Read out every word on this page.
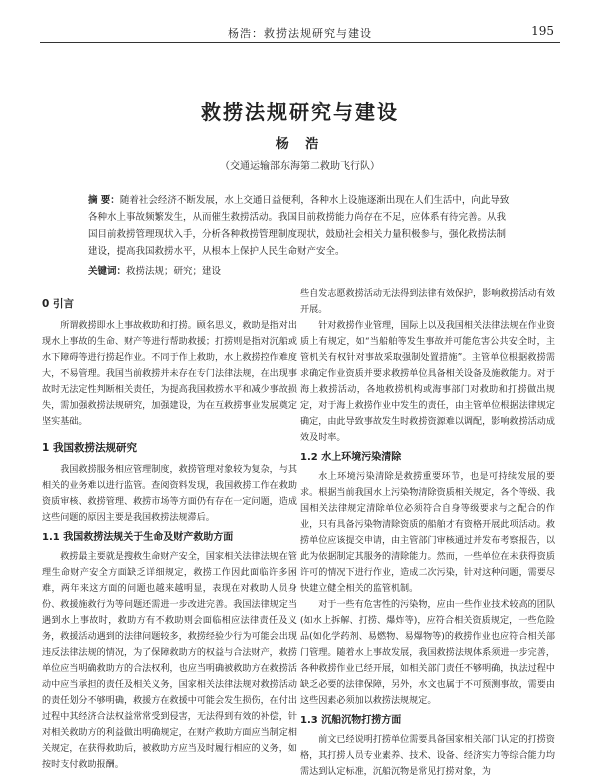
杨浩：救捞法规研究与建设	195
救捞法规研究与建设
杨 浩
（交通运输部东海第二救助飞行队）
摘 要：随着社会经济不断发展，水上交通日益便利，各种水上设施逐渐出现在人们生活中，向此导致各种水上事故频繁发生，从而催生救捞活动。我国目前救捞能力尚存在不足，应体系有待完善。从我国目前救捞管理现状入手，分析各种救捞管理制度现状，鼓励社会相关力量积极参与，强化救捞法制建设，提高我国救捞水平，从根本上保护人民生命财产安全。
关键词：救捞法规；研究；建设
0 引言

所谓救捞即水上事故救助和打捞。顾名思义，救助是指对出现水上事故的生命、财产等进行帮助救援；打捞则是指对沉船或水下障碍等进行捞起作业。不同于作上救助，水上救捞控作难度大，不易管理。我国当前救捞并未存在专门法律法规，在出现事故时无法定性判断相关责任，为提高我国救捞水平和减少事故损失，需加强救捞法规研究，加强建设，为在互救捞事业发展奠定坚实基础。

1 我国救捞法规研究

我国救捞服务相应管理制度，救捞管理对象较为复杂，与其相关的业务难以进行监管。查阅资料发现，我国救捞工作在救助资质审核、救捞管理、救捞市场等方面仍有存在一定问题，造成这些问题的原因主要是我国救捞法规滞后。

1.1 我国救捞法规关于生命及财产救助方面

救捞最主要就是搜救生命财产安全，国家相关法律法规在管理生命财产安全方面缺乏详细规定，救捞工作因此面临许多困难，两年来这方面的问题也越来越明显，表现在对救助人员身份、救援施救行为等问题还需进一步改进完善。我国法律规定当遇到水上事故时，救助方有不救助则会面临相应法律责任及义务，救援活动遇到的法律问题较多，救捞经验少行为可能会出现违反法律法规的情况，为了保障救助方的权益与合法财产，救捞单位应当明确救助方的合法权利，也应当明确被救助方在救捞活动中应当承担的责任及相关义务，国家相关法律法规对救捞活动的责任划分不够明确，救援方在救援中可能会发生损伤，在付出过程中其经济合法权益常常受到侵害，无法得到有效的补偿，针对相关救助方的利益做出明确规定，在财产救助方面应当制定相关规定，在获得救助后，被救助方应当及时履行相应的义务，如按时支付救助报酬。

些自发志愿救捞活动无法得到法律有效保护，影响救捞活动有效开展。

针对救捞作业管理，国际上以及我国相关法律法规在作业资质上有规定，如“当船舶等发生事故并可能危害公共安全时，主管机关有权针对事故采取强制处置措施”。主管单位根据救捞需求确定作业资质并要求救捞单位具备相关设备及施救能力。对于海上救捞活动，各地救捞机构或海事部门对救助和打捞做出规定，对于海上救捞作业中发生的责任，由主管单位根据法律规定确定，由此导致事故发生时救捞资源难以调配，影响救捞活动成效及时率。

1.2 水上环境污染清除

水上环境污染清除是救捞重要环节，也是可持续发展的要求。根据当前我国水上污染物清除资质相关规定，各个等级、我国相关法律规定清除单位必须符合自身等级要求与之配合的作业，只有具备污染物清除资质的船舶才有资格开展此项活动。救捞单位应该提交申请，由主管部门审核通过并发布考察报告，以此为依据制定其服务的清除能力。然而，一些单位在未获得资质许可的情况下进行作业，造成二次污染，针对这种问题，需要尽快建立健全相关的监管机制。

对于一些有危害性的污染物，应由一些作业技术较高的团队(如水上拆解、打捞、爆炸等)，应符合相关资质规定，一些危险品(如化学药剂、易燃物、易爆物等)的救捞作业也应符合相关部门管理。随着水上事故发展，我国救捞法规体系须进一步完善，各种救捞作业已经开展，如相关部门责任不够明确，执法过程中缺乏必要的法律保障，另外，水文也属于不可预测事故，需要由这些因素必须加以救捞法规规定。

1.3 沉船沉物打捞方面

前文已经说明打捞单位需要具备国家相关部门认定的打捞资格，其打捞人员专业素养、技术、设备、经济实力等综合能力均需达到认定标准，沉船沉物是常见打捞对象，为
